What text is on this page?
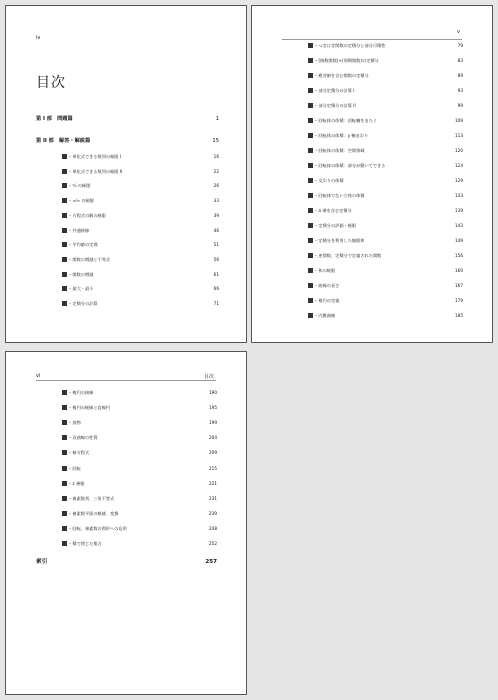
iv
目次
第 I 部　問題篇	1
第 II 部　解答・解説篇	15
– 単化式できる数列の極限 I	16
– 単化式できる数列の極限 II	22
– ⁰⁄₀ の極限	26
– ∞⁄∞ の極限	33
– 方程式の解の極限	39
– 共通接線	46
– 平均値の定理	51
– 関数の増減と不等式	56
– 関数の増減	61
– 最大・最小	66
– 定積分の計算	71
v
– つぎはぎ関数の定積分と部分可積性	79
– (指数関数)×(周期関数)の定積分	83
– 絶対値を含む関数の定積分	89
– 部分定積分の計算 I	93
– 部分定積分の計算 II	99
– 回転体の体積：回転軸をまたぐ	109
– 回転体の体積：y 軸まわり	113
– 回転体の体積：空間領域	120
– 回転体の体積：部分が動いてできる	124
– 交わりの体積	129
– 回転体でない立体の体積	133
– a 乗を含む定積分	139
– 定積分の評価・極限	143
– 定積分を利用した無限和	149
– 逆関数、定積分で定義された関数	156
– 和の極限	160
– 曲線の長さ	167
– 楕円の定義	179
– 円錐曲線	185
vi	目次
– 楕円の接線	190
– 楕円の極線と直線円	195
– 放物	199
– 双曲線の性質	204
– 極方程式	209
– 回転	215
– z 乗根	221
– 複素数列、三角不等式	231
– 複素数平面の軌跡、変換	239
– 回転、複素数の図形への応用	248
– 積で閉じた集合	252
索引	257
